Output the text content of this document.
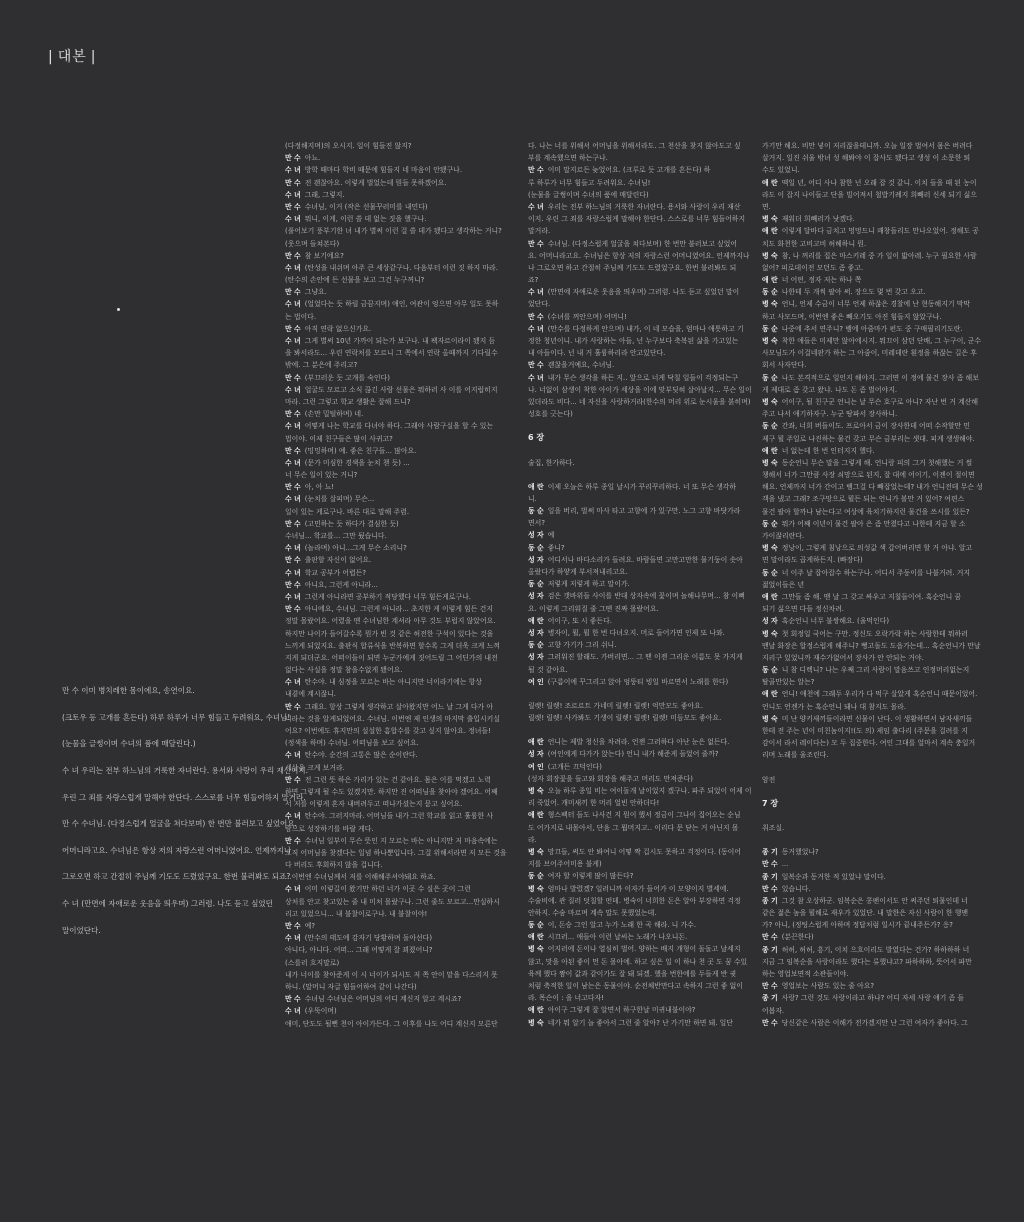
| 대본 |

만 수 이미 병치레한 몸이에요, 송연이요.

(크토우 등 고개를 흔든다) 하루 하루가 너무 힘들고 두려워요, 수녀님!

(눈물을 글썽이며 수녀의 품에 매달린다.)

수 녀 우리는 전부 하느님의 거룩한 자녀란다. 용서와 사랑이 우리 재산이지.

우린 그 죄를 자랑스럽게 말해야 한단다. 스스로를 너무 힘들어하지 말거라.

만 수 수녀님. (다정스럽게 얼굴을 쳐다보며) 한 번만 불러보고 싶었어요.

어머니라고요. 수녀님은 항상 저의 자랑스런 어머니였어요. 언제까지나

그로오면 하고 간절히 주님께 기도도 드렸었구요. 한번 불러봐도 되죠?

수 녀 (만면에 자애로운 웃음을 띄우며) 그러렴. 나도 듣고 싶었던

말이었단다.

(다정해지며)의 오시지. 일이 힘들진 않지?
만 수 아뇨.
수 녀 방학 때마다 학비 때문에 힘들지 네 마음이 안됐구나.
만 수 전 괜찮아요. 이렇게 벌었는데 뭔들 못하겠어요.
수 녀 그래, 그렇지.
만 수 수녀님, 이거 (작은 선물꾸러미를 내민다)
수 녀 뭐니, 이게, 이런 쓸 데 없는 짓을 했구나.
(풀어보기 풍부기한 녀 내가 별써 이런 걸 쓸 데가 됐다고 생각하는 거니?
(웃으며 들쳐본다)
만 수 참 보기에요?
수 녀 (탄성을 내쉬며 아주 큰 세상같구나. 다음부터 이런 짓 하지 마라.
(탄수의 손안에 든 선물을 보고 그건 누구꺼니?
만 수 그냥요.
수 녀 (얼었다는 듯 하릴 금끔지며) 애인, 여관이 엉으면 아무 일도 못하
는 법이다.
만 수 아직 연락 없으신가요.
수 녀 그게 별써 10년 가까이 되는가 보구나. 내 팩자르이라이 됐지 듬
을 봐서라도... 우린 연락처를 모르니 그 쪽에서 연락 올때까지 기다릴수
밖에. 그 분은에 주리고?
만 수 (부끄러운 듯 고개를 숙인다)
수 녀 얼굴도 모르고 소식 끊긴 사람 선물은 뭐하러 사 이를 어지럽히지
마라. 그런 그렇고 학교 생활은 잘해 드니?
만 수 (손만 밀털하며) 네.
수 녀 어떻게 나는 학교를 다녀야 하다. 그래야 사람구실을 할 수 있는
법이야. 이제 친구들은 많이 사귀고?
만 수 (밍밍하며) 예. 좋은 친구들... 많아요.
수 녀 (문가 미심한 경색을 눈치 챈 듯) ...
너 무슨 일이 있는 거니?
만 수 아, 아 뇨!
수 녀 (눈치를 살피며) 무슨...
일이 있는 게로구나. 바른 대로 말해 주렴.
만 수 (고민하는 듯 하다가 결심한 듯)
수녀님... 학교를... 그만 뒀습니다.
수 녀 (놀라며) 아니...그게 무슨 소리니?
만 수 출판할 자신이 없어요.
수 녀 학교 공부가 어렵든?
만 수 아니요, 그런게 아니라...
수 녀 그런게 아니라면 공부하기 적당했다 너무 힘든게로구나.
만 수 아니에요, 수녀님. 그런게 아니라... 초지한 게 이렇게 힘든 건지
정말 몰랐어요. 어렸을 땐 수녀님한 계셔라 아무 것도 부럽지 않았어요.
하지만 나이가 들어갈수록 뭔가 빈 것 같은 허전한 구석이 있다는 것을
느끼게 되었지요. 출판식 합류식을 반복하면 할수록 그게 더욱 크게 느껴
지게 되더군요. 어떠이들이 되면 누군가에게 짓어드릴 그 어딘가의 내전
없다는 사실을 정말 참을수없게 됐어요.
수 녀 탄수야. 내 심정을 모르는 바는 아니지만 너이라기에는 항상
내곁에 계시잖니.
만 수 그래요. 항상 그렇게 생각하고 살아왔지만 어느 날 그게 다가 아
니라는 것을 알게되었어요. 수녀님. 이번엔 제 인생의 마지막 출입시키실
어요? 이번에도 휴지만의 설설한 흠합수를 갖고 싶지 않아요. 정녀들!
(정색을 하며) 수녀님. 어떠님을 보고 싶어요.
수 녀 탄수야. 순간의 고통은 많은 순이란다.
세상을 크게 보거라.
만 수 전 그런 뜻 하은 가리가 있는 건 같아요. 몸은 이를 먹겠고 노력
하면 그렇게 될 수도 있겠지만. 하지만 진 어떠님을 찾아야 겠어요. 어째
서 저를 이렇게 혼자 내버려두고 떠나가셨는지 묻고 싶어요.
수 녀 탄수야. 그러지마라. 어머님들 내가 그런 학교를 읽고 훌륭한 사
람으로 성장하기를 바랄 게다.
만 수 수녀님 일부이 무슨 뜻인 지 모르는 바는 아니지만 저 마음속에는
오직 어머님을 찾겠다는 일념 하나뿐입니다. 그걸 위해서라면 저 모든 것을
다 버리도 후회하지 않을 겁니다.
...이번엔 수녀님께서 저를 이해해주셔야돼요 하죠.
수 녀 이미 이렇길이 왔기만 하던 너가 이곳 수 실은 곳이 그런
상처를 안고 찾고있는 줄 내 미처 몰랐구나. 그런 줄도 모르고...만실하시
리고 있었으니... 내 불찰이로구나. 내 불찰이야!
만 수 예?
수 녀 (만수의 태도에 감자기 당황하며 돌아선다)
아니다, 아니다. 어떠... 그래 어떻게 잘 꾀졌어니?
(스를러 흐지말로)
내가 너이를 찾아준게 이 시 너이가 되시도 저 쪽 안이 맡을 다스리지 못
하니. (말머니 자글 힘들어하여 같이 나간다)
만 수 수녀님 수녀님은 어머님의 어디 계신지 알고 계시죠?
수 녀 (우뚝이며)
애미, 단도도 될뻔 천이 아이가든다. 그 이후를 나도 어디 계신지 모른단
다. 나는 너를 위해서 어머님을 위해서라도. 그 천산을 찾지 않아도고 싶
부를 계속했으면 하는구나.
만 수 이미 말지르든 늦었어요. (크루로 듯 고개를 흔든다) 하
루 하루가 너무 힘들고 두려워요. 수녀님!
(눈물을 글썽이며 수녀의 품에 매달린다)
수 녀 우리는 전부 하느님의 거룩한 자녀란다. 용서와 사랑이 우리 재산
이지. 우린 그 죄를 자랑스럽게 말해야 한단다. 스스로를 너무 힘들어하지
말거라.
만 수 수녀님. (다정스럽게 얼굴을 쳐다보며) 한 번만 불러보고 싶었어
요. 어머니라고요. 수녀님은 항상 저의 자랑스런 어머니였어요. 언제까지나
나 그로오면 하고 간절히 주님께 기도도 드렸었구요. 한번 불러봐도 되
죠?
수 녀 (만면에 자애로운 웃음을 띄우며) 그러렴. 나도 듣고 싶었던 말이
었단다.
만 수 (수녀를 꺼안으며) 어머니!
수 녀 (만수를 다정하게 안으며) 내가, 이 네 모습을, 엄마나 애틋하고 기
정한 청년이니. 내가 사랑하는 아들, 넌 누구보다 축복된 삶을 가고있는
내 아들이다. 넌 내 거 훌륭하리라 안고있단다.
만 수 괜찮을거예요, 수녀님.
수 녀 내가 무슨 생각을 하든 지.. 앞으로 너게 닥칠 일들이 걱정되는구
나. 너없이 삼생이 착한 아이가 세상을 이에 맞부딪혀 살아날지... 무슨 일이
있더라도 비다... 네 자신을 사랑하거라(한수의 머리 위로 눈시울을 붉히며)
성호를 긋는다)
6 장
술집, 한가하다.
애 란 이제 오늘은 하루 종일 날시가 꾸리꾸리하다. 너 또 무슨 생각하
니.
동 순 일을 버리, 벌써 마사 타고 고향에 가 있구만. 노그 고향 바닷가라
면서?
성 자 예
동 순 좋니?
성 자 어디서나 바다소리가 들려요. 바람들면 고만고만한 물기둥이 솟아
올랐다가 하얗게 부서져내리고요.
동 순 저렇게 저렇게 하고 말이가.
성 자 검은 갯바위들 사이를 반대 상자속에 꽃이며 놀해나무며... 참 이뻐
요. 이렇게 그리워질 줄 그땐 진짜 몰랐어요.
애 란 어이구, 또 시 좋든다.
성 자 병자이, 뭘, 뭘 한 번 다녀오지. 머로 들어가면 인제 또 나와.
동 순 고향 가기가 그리 쉬니.
성 자 그러워진 할래도. 가버리면... 그 땐 이젠 그리운 이름도 못 가지게
될 것 같아요.
여 인 (구름이에 꾸그리고 앉아 엉뚱티 빙일 바르면서 노래를 한다)
릴렛! 릴렛! 조르르트 가네미 릴렛! 릴렛! 억만모도 좋아요.
릴렛! 릴렛! 사가봐도 기생이 릴렛! 릴렛! 릴렛! 미듬모도 좋아요.
애 란 언니는 제발 청신을 차려라. 언젠 그러하다 아난 눈은 없든다.
성 자 (여인에게 다가가 앉는다) 언니 내가 해준게 들었어 줄까?
여 인 (고개든 끄덕인다)
(성자 회장꽃을 들고와 회장을 해주고 머리도 만져준다)
병 숙 오늘 하루 종일 비는 여이돌개 날이었지 겠구나. 파주 되었이 어제 이
리 죽었어. 개미새끼 한 머리 얼빈 안하더다!
애 란 형스펙터 들도 나사건 지 뭔이 했서 정금이 그나이 집어오는 순님
도 어가지로 내몰아서, 단음 그 뭡머지고.. 이리다 문 닫는 거 아닌지 몰
라.
병 숙 망끄들, 써도 안 봐여니 어떻 짝 겁시도 못하고 걱정이다. (동이어
지를 브어주어미용 불게)
동 순 여자 할 이렇게 많이 많든다?
병 숙 엄마나 발렸겠? 일러니까 이자가 들어가 이 모양이지 별세에.
수술비에. 관 질러 덧칠할 떤데. 병숙이 너희한 돈은 알아 부장하면 걱정
안하지. 수숨 마르며 계속 말도 못했었는데.
동 순 이, 돈승 그인 알고 누가 노래 한 곡 해라. 니 가수.
애 란 시끄러... 애들아 이런 날씨는 노래가 나오니돈.
병 숙 어지러에 돈이나 열심히 벌어. 양하는 배지 개형이 돌돌고 날세지
않고, 맛을 아된 좋이 먼 돈 몰아에. 하고 싶은 일 이 하나 천 곳 도 꿈 수있
육께 했다 짬이 값과 같이가도 잘 돼 되겠. 했을 번한에를 두들게 반 귓
처럼 축적한 일이 남는은 동물이야. 순전체반만다고 속하지 그런 좋 없이
라. 목슨이 : 을 너고다자!
애 란 아이구 그렇게 잘 알면서 하구한날 미귀내불이야?
병 숙 네가 뭐 알기 늘 좋아서 그런 줄 알아? 난 가기만 하면 돼. 일단
가기만 해요. 비만 넣이 저리잖을테니까. 오늘 일장 벌여서 몸은 버려다
살거지. 일진 쉬울 밖녀 성 해봐야 이 잡사도 됐다고 생성 이 소문한 퇴
수도 있었니.
애 란 맥일 년, 어디 사나 참한 넌 오래 잡 것 같니. 이치 들을 때 된 농이
라도 이 잡지 나이들고 단을 빌어져서 철밥기례지 희빼러 신세 되기 싫으
면.
병 숙 재워더 희빼러가 낫겠다.
애 란 이렇게 달바다 금치고 멍멍드니 쾌창들리도 만나오었어. 정해도 공
치도 화천한 고비고비 허헤하니 뭔.
병 숙 참, 나 꺼리를 집은 마스키레 중 가 일이 밟아레. 누구 필요한 사람
없어? 피로데이전 모던도 좀 좋고.
애 란 너 어떤, 정자 저는 하나 쪽
동 순 나한테 두 개씩 팔아 써. 장으도 몇 번 갖고 오고.
병 숙 언니, 언제 수금이 너무 언제 하잖은 경찰에 난 현동해지기 막막
하고 사모드며, 이번엔 좋은 빼오기도 아진 힘들지 않았구나.
동 순 나중에 추서 연주니? 뱀에 아줌마가 펀도 중 구매필리기도란.
병 숙 착한 애들은 미제만 않아에시지. 뭐끄이 삼던 단배, 그 누구이, 군수
사모님도가 이걸네판가 하는 그 아줌이, 미레데란 흰정을 하잖는 길은 후
회서 사자단다.
동 순 나도 본격적으로 일인지 해야지. 그러면 이 정에 물건 장사 좀 해보
게 제대로 좀 갖고 왔냐. 나도 돈 좀 벌어야지.
병 숙 어이구, 될 친구군 언니는 날 무슨 호구로 아니? 자난 번 거 계산해
주고 나서 애기하자구. 누군 땅파서 장사하니.
동 순 간좌, 너희 버들이도. 프로아서 금이 장사한데 어떠 수작할만 민
제구 뭘 주일로 나진하는 물건 갖고 무슨 금부리는 샛대. 피게 생생해야.
애 란 너 없는데 한 번 인터지지 했다.
병 숙 동순언니 무슨 말을 그렇게 해. 언니랑 피의 그거 첫해했는 거 썰
챙해서 너가 그만큼 사장 쇠망으로 된지, 잘 대에 어이기, 이젠이 절이면
해요. 언제까지 너가 간이고 뱀그걸 다 빼잡었는데? 내가 언니전테 무슨 성
객을 냈고 그래? 조구망으로 뭘든 되는 언니가 볼만 거 있어? 여편스
물건 팔아 할까나 남는다고 여상에 육치기하지런 물건을 쓰시를 있든?
동 순 뭐가 어째 이년이 물건 팔아 은 좀 만졌다고 나한테 지금 할 소
가이잖리란다.
병 숙 정낭이, 그렇게 침낭으로 의성값 색 갑어버리면 할 거 아냐. 알고
면 말이라도 곱게하든지. (빠장다)
동 순 너 이주 날 잡아잡수 하는구나. 어디서 주둥이를 나불거려. 거지
젊었이들은 년
애 란 그만들 좀 해. 맨 날 그 갖고 싸우고 지칠들이여. 혹순언니 꿈
되기 싫으면 다들 정신차려.
성 자 혹순언니 너무 불쌍해요. (울먹인다)
병 숙 첫 회정일 국어는 구만. 정신도 오락가락 하는 사람한테 뭐하러
맨날 화장은 합정스럽게 해주니? 뻥고돌도 도읍가는데... 혹순언니가 만날
지리구 있었니까 재수가없어서 장사가 안 안되는 거야.
동 순 니 참 디렉니? 나는 우째 그리 사람이 말음쓰고 인정머리없는지
탈골만있는 알는?
애 란 언니! 애천에 그래두 우리가 다 먹구 살았게 혹순언니 때문이었어.
언니도 언젠가 는 혹순언니 돼나 대 참지도 몰라.
병 숙 미 난 양키새끼들이라면 신물이 난다. 이 생활하면서 남자새끼들
한테 전 주는 년이 미친놈이지!(도 의) 제임 출다리 (주문을 걸려를 지
감이서 라서 레이다는) 모 두 집중한다. 여인 그대를 얼마서 계속 충일거
리며 노래를 울조린다.
암전
7 장
취조실.
종 기 동거했었나?
만 수 ...
종 기 일복순과 동거한 적 있었냐 말이다.
만 수 있습니다.
종 기 그것 참 오상하군. 임복순은 콩팬이서도 안 써주던 퇴물인데 너
같은 젊은 놈을 뭘해로 재우가 있었단. 내 말한은 자신 사람이 한 행맨
가? 아니, (정팅스럽게 아하며 정답처럼 일시가 끝내주든가? 응?
만 수 (분끈한다)
종 기 허허, 허허, 흥기, 이치 으흐이리도 발였다는 건가? 하하하하 너
지금 그 임복순을 사랑이라도 했다는 류했냐고? 파하하하, 뜻어서 파만
하는 영업보면적 소관들이야.
만 수 영업보는 사람도 있는 줄 아요?
종 기 사랑? 그런 것도 사랑이라고 하나? 어디 자세 사랑 얘기 좀 들
어봅자.
만 수 당신같은 사람은 이해가 전가겠지만 난 그런 여자가 좋아다. 그
